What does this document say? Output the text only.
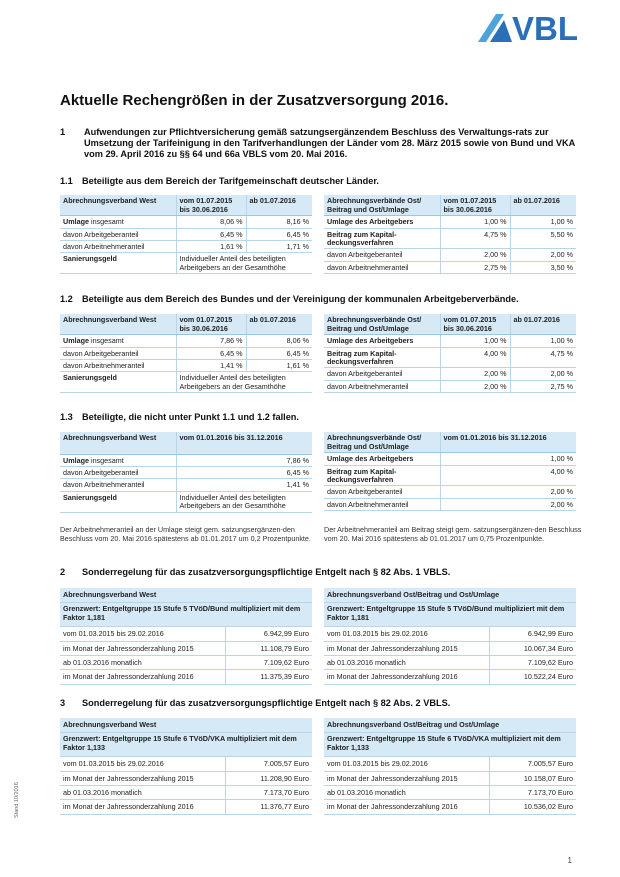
VBL
Aktuelle Rechengrößen in der Zusatzversorgung 2016.
1 Aufwendungen zur Pflichtversicherung gemäß satzungsergänzendem Beschluss des Verwaltungs-rats zur Umsetzung der Tarifeinigung in den Tarifverhandlungen der Länder vom 28. März 2015 sowie von Bund und VKA vom 29. April 2016 zu §§ 64 und 66a VBLS vom 20. Mai 2016.
1.1 Beteiligte aus dem Bereich der Tarifgemeinschaft deutscher Länder.
Abrechnungsverband West	vom 01.07.2015 bis 30.06.2016	ab 01.07.2016
Umlage insgesamt	8,06 %	8,16 %
davon Arbeitgeberanteil	6,45 %	6,45 %
davon Arbeitnehmeranteil	1,61 %	1,71 %
Sanierungsgeld	Individueller Anteil des beteiligten Arbeitgebers an der Gesamthöhe	
Abrechnungsverbände Ost/ Beitrag und Ost/Umlage	vom 01.07.2015 bis 30.06.2016	ab 01.07.2016
Umlage des Arbeitgebers	1,00 %	1,00 %
Beitrag zum Kapital- deckungsverfahren	4,75 %	5,50 %
davon Arbeitgeberanteil	2,00 %	2,00 %
davon Arbeitnehmeranteil	2,75 %	3,50 %
1.2 Beteiligte aus dem Bereich des Bundes und der Vereinigung der kommunalen Arbeitgeberverbände.
Abrechnungsverband West	vom 01.07.2015 bis 30.06.2016	ab 01.07.2016
Umlage insgesamt	7,86 %	8,06 %
davon Arbeitgeberanteil	6,45 %	6,45 %
davon Arbeitnehmeranteil	1,41 %	1,61 %
Sanierungsgeld	Individueller Anteil des beteiligten Arbeitgebers an der Gesamthöhe	
Abrechnungsverbände Ost/ Beitrag und Ost/Umlage	vom 01.07.2015 bis 30.06.2016	ab 01.07.2016
Umlage des Arbeitgebers	1,00 %	1,00 %
Beitrag zum Kapital- deckungsverfahren	4,00 %	4,75 %
davon Arbeitgeberanteil	2,00 %	2,00 %
davon Arbeitnehmeranteil	2,00 %	2,75 %
1.3 Beteiligte, die nicht unter Punkt 1.1 und 1.2 fallen.
Abrechnungsverband West	vom 01.01.2016 bis 31.12.2016
Umlage insgesamt	7,86 %
davon Arbeitgeberanteil	6,45 %
davon Arbeitnehmeranteil	1,41 %
Sanierungsgeld	Individueller Anteil des beteiligten Arbeitgebers an der Gesamthöhe
Abrechnungsverbände Ost/ Beitrag und Ost/Umlage	vom 01.01.2016 bis 31.12.2016
Umlage des Arbeitgebers	1,00 %
Beitrag zum Kapital- deckungsverfahren	4,00 %
davon Arbeitgeberanteil	2,00 %
davon Arbeitnehmeranteil	2,00 %
Der Arbeitnehmeranteil an der Umlage steigt gem. satzungsergänzen-den Beschluss vom 20. Mai 2016 spätestens ab 01.01.2017 um 0,2 Prozentpunkte.
Der Arbeitnehmeranteil am Beitrag steigt gem. satzungsergänzen-den Beschluss vom 20. Mai 2016 spätestens ab 01.01.2017 um 0,75 Prozentpunkte.
2 Sonderregelung für das zusatzversorgungspflichtige Entgelt nach § 82 Abs. 1 VBLS.
Abrechnungsverband West	
Grenzwert: Entgeltgruppe 15 Stufe 5 TVöD/Bund multipliziert mit dem Faktor 1,181	
vom 01.03.2015 bis 29.02.2016	6.942,99 Euro
im Monat der Jahressonderzahlung 2015	11.108,79 Euro
ab 01.03.2016 monatlich	7.109,62 Euro
im Monat der Jahressonderzahlung 2016	11.375,39 Euro
Abrechnungsverband Ost/Beitrag und Ost/Umlage	
Grenzwert: Entgeltgruppe 15 Stufe 5 TVöD/Bund multipliziert mit dem Faktor 1,181	
vom 01.03.2015 bis 29.02.2016	6.942,99 Euro
im Monat der Jahressonderzahlung 2015	10.067,34 Euro
ab 01.03.2016 monatlich	7.109,62 Euro
im Monat der Jahressonderzahlung 2016	10.522,24 Euro
3 Sonderregelung für das zusatzversorgungspflichtige Entgelt nach § 82 Abs. 2 VBLS.
Abrechnungsverband West	
Grenzwert: Entgeltgruppe 15 Stufe 6 TVöD/VKA multipliziert mit dem Faktor 1,133	
vom 01.03.2015 bis 29.02.2016	7.005,57 Euro
im Monat der Jahressonderzahlung 2015	11.208,90 Euro
ab 01.03.2016 monatlich	7.173,70 Euro
im Monat der Jahressonderzahlung 2016	11.376,77 Euro
Abrechnungsverband Ost/Beitrag und Ost/Umlage	
Grenzwert: Entgeltgruppe 15 Stufe 6 TVöD/VKA multipliziert mit dem Faktor 1,133	
vom 01.03.2015 bis 29.02.2016	7.005,57 Euro
im Monat der Jahressonderzahlung 2015	10.158,07 Euro
ab 01.03.2016 monatlich	7.173,70 Euro
im Monat der Jahressonderzahlung 2016	10.536,02 Euro
Stand 10/2016
1
